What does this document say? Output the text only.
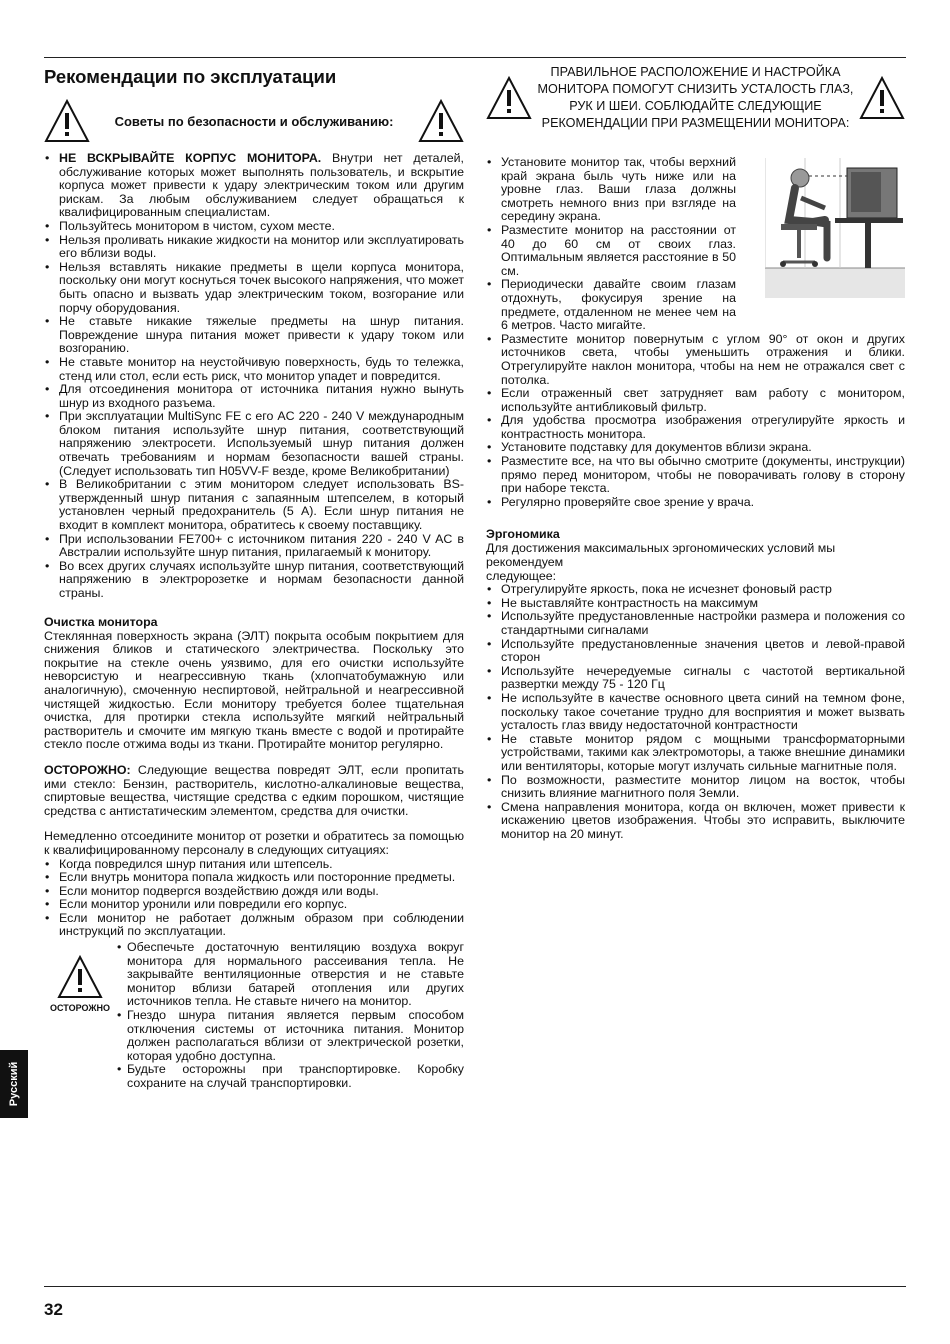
Рекомендации по эксплуатации
Советы по безопасности и обслуживанию:
• НЕ ВСКРЫВАЙТЕ КОРПУС МОНИТОРА. Внутри нет деталей, обслуживание которых может выполнять пользователь, и вскрытие корпуса может привести к удару электрическим током или другим рискам. За любым обслуживанием следует обращаться к квалифицированным специалистам.
• Пользуйтесь монитором в чистом, сухом месте.
• Нельзя проливать никакие жидкости на монитор или эксплуатировать его вблизи воды.
• Нельзя вставлять никакие предметы в щели корпуса монитора, поскольку они могут коснуться точек высокого напряжения, что может быть опасно и вызвать удар электрическим током, возгорание или порчу оборудования.
• Не ставьте никакие тяжелые предметы на шнур питания. Повреждение шнура питания может привести к удару током или возгоранию.
• Не ставьте монитор на неустойчивую поверхность, будь то тележка, стенд или стол, если есть риск, что монитор упадет и повредится.
• Для отсоединения монитора от источника питания нужно вынуть шнур из входного разъема.
• При эксплуатации MultiSync FE с его AC 220 - 240 V международным блоком питания используйте шнур питания, соответствующий напряжению электросети. Используемый шнур питания должен отвечать требованиям и нормам безопасности вашей страны. (Следует использовать тип H05VV-F везде, кроме Великобритании)
• В Великобритании с этим монитором следует использовать BS-утвержденный шнур питания с запаянным штепселем, в который установлен черный предохранитель (5 А). Если шнур питания не входит в комплект монитора, обратитесь к своему поставщику.
• При использовании FE700+ с источником питания 220 - 240 V AC в Австралии используйте шнур питания, прилагаемый к монитору.
• Во всех других случаях используйте шнур питания, соответствующий напряжению в электророзетке и нормам безопасности данной страны.
Очистка монитора

Стеклянная поверхность экрана (ЭЛТ) покрыта особым покрытием для снижения бликов и статического электричества. Поскольку это покрытие на стекле очень уязвимо, для его очистки используйте неворсистую и неагрессивную ткань (хлопчатобумажную или аналогичную), смоченную неспиртовой, нейтральной и неагрессивной чистящей жидкостью. Если монитору требуется более тщательная очистка, для протирки стекла используйте мягкий нейтральный растворитель и смочите им мягкую ткань вместе с водой и протирайте стекло после отжима воды из ткани. Протирайте монитор регулярно.

ОСТОРОЖНО: Следующие вещества повредят ЭЛТ, если пропитать ими стекло: Бензин, растворитель, кислотно-алкалиновые вещества, спиртовые вещества, чистящие средства с едким порошком, чистящие средства с антистатическим элементом, средства для очистки.

Немедленно отсоедините монитор от розетки и обратитесь за помощью к квалифицированному персоналу в следующих ситуациях:

• Когда повредился шнур питания или штепсель.
• Если внутрь монитора попала жидкость или посторонние предметы.
• Если монитор подвергся воздействию дождя или воды.
• Если монитор уронили или повредили его корпус.
• Если монитор не работает должным образом при соблюдении инструкций по эксплуатации.
ОСТОРОЖНО
• Обеспечьте достаточную вентиляцию воздуха вокруг монитора для нормального рассеивания тепла. Не закрывайте вентиляционные отверстия и не ставьте монитор вблизи батарей отопления или других источников тепла. Не ставьте ничего на монитор.
• Гнездо шнура питания является первым способом отключения системы от источника питания. Монитор должен располагаться вблизи от электрической розетки, которая удобно доступна.
• Будьте осторожны при транспортировке. Коробку сохраните на случай транспортировки.
ПРАВИЛЬНОЕ РАСПОЛОЖЕНИЕ И НАСТРОЙКА МОНИТОРА ПОМОГУТ СНИЗИТЬ УСТАЛОСТЬ ГЛАЗ, РУК И ШЕИ. СОБЛЮДАЙТЕ СЛЕДУЮЩИЕ РЕКОМЕНДАЦИИ ПРИ РАЗМЕЩЕНИИ МОНИТОРА:
• Установите монитор так, чтобы верхний край экрана быль чуть ниже или на уровне глаз. Ваши глаза должны смотреть немного вниз при взгляде на середину экрана.
• Разместите монитор на расстоянии от 40 до 60 см от своих глаз. Оптимальным является расстояние в 50 см.
• Периодически давайте своим глазам отдохнуть, фокусируя зрение на предмете, отдаленном не менее чем на 6 метров. Часто мигайте.
• Разместите монитор повернутым с углом 90° от окон и других источников света, чтобы уменьшить отражения и блики. Отрегулируйте наклон монитора, чтобы на нем не отражался свет с потолка.
• Если отраженный свет затрудняет вам работу с монитором, используйте антибликовый фильтр.
• Для удобства просмотра изображения отрегулируйте яркость и контрастность монитора.
• Установите подставку для документов вблизи экрана.
• Разместите все, на что вы обычно смотрите (документы, инструкции) прямо перед монитором, чтобы не поворачивать голову в сторону при наборе текста.
• Регулярно проверяйте свое зрение у врача.
Эргономика

Для достижения максимальных эргономических условий мы рекомендуем

следующее:

• Отрегулируйте яркость, пока не исчезнет фоновый растр
• Не выставляйте контрастность на максимум
• Используйте предустановленные настройки размера и положения со стандартными сигналами
• Используйте предустановленные значения цветов и левой-правой сторон
• Используйте нечередуемые сигналы с частотой вертикальной развертки между 75 - 120 Гц
• Не используйте в качестве основного цвета синий на темном фоне, поскольку такое сочетание трудно для восприятия и может вызвать усталость глаз ввиду недостаточной контрастности
• Не ставьте монитор рядом с мощными трансформаторными устройствами, такими как электромоторы, а также внешние динамики или вентиляторы, которые могут излучать сильные магнитные поля.
• По возможности, разместите монитор лицом на восток, чтобы снизить влияние магнитного поля Земли.
• Смена направления монитора, когда он включен, может привести к искажению цветов изображения. Чтобы это исправить, выключите монитор на 20 минут.
Русский
32
